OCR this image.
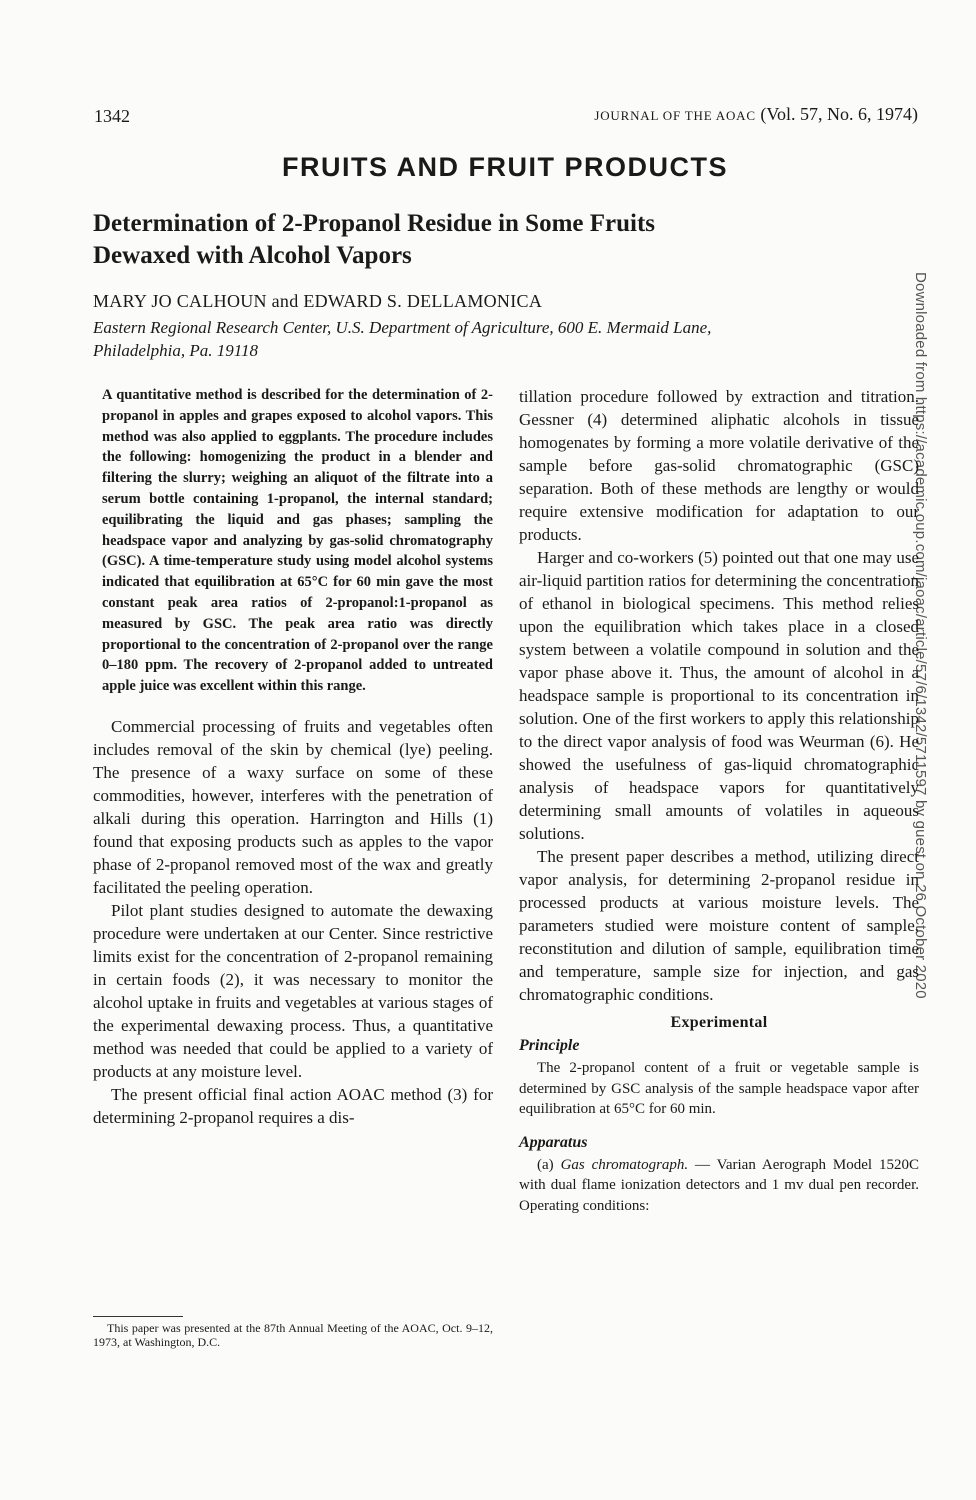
1342	JOURNAL OF THE AOAC (Vol. 57, No. 6, 1974)
FRUITS AND FRUIT PRODUCTS
Determination of 2-Propanol Residue in Some Fruits
Dewaxed with Alcohol Vapors
MARY JO CALHOUN and EDWARD S. DELLAMONICA
Eastern Regional Research Center, U.S. Department of Agriculture, 600 E. Mermaid Lane,
Philadelphia, Pa. 19118	Downloaded from https://academic.oup.com/jaoac/article/57/6/1342/5711597 by guest on 26 October 2020

A quantitative method is described for the determination of 2-propanol in apples and grapes exposed to alcohol vapors. This method was also applied to eggplants. The procedure includes the following: homogenizing the product in a blender and filtering the slurry; weighing an aliquot of the filtrate into a serum bottle containing 1-propanol, the internal standard; equilibrating the liquid and gas phases; sampling the headspace vapor and analyzing by gas-solid chromatography (GSC). A time-temperature study using model alcohol systems indicated that equilibration at 65°C for 60 min gave the most constant peak area ratios of 2-propanol:1-propanol as measured by GSC. The peak area ratio was directly proportional to the concentration of 2-propanol over the range 0–180 ppm. The recovery of 2-propanol added to untreated apple juice was excellent within this range.

Commercial processing of fruits and vegetables often includes removal of the skin by chemical (lye) peeling. The presence of a waxy surface on some of these commodities, however, interferes with the penetration of alkali during this operation. Harrington and Hills (1) found that exposing products such as apples to the vapor phase of 2-propanol removed most of the wax and greatly facilitated the peeling operation.

Pilot plant studies designed to automate the dewaxing procedure were undertaken at our Center. Since restrictive limits exist for the concentration of 2-propanol remaining in certain foods (2), it was necessary to monitor the alcohol uptake in fruits and vegetables at various stages of the experimental dewaxing process. Thus, a quantitative method was needed that could be applied to a variety of products at any moisture level.

The present official final action AOAC method (3) for determining 2-propanol requires a dis-

tillation procedure followed by extraction and titration. Gessner (4) determined aliphatic alcohols in tissue homogenates by forming a more volatile derivative of the sample before gas-solid chromatographic (GSC) separation. Both of these methods are lengthy or would require extensive modification for adaptation to our products.

Harger and co-workers (5) pointed out that one may use air-liquid partition ratios for determining the concentration of ethanol in biological specimens. This method relies upon the equilibration which takes place in a closed system between a volatile compound in solution and the vapor phase above it. Thus, the amount of alcohol in a headspace sample is proportional to its concentration in solution. One of the first workers to apply this relationship to the direct vapor analysis of food was Weurman (6). He showed the usefulness of gas-liquid chromatographic analysis of headspace vapors for quantitatively determining small amounts of volatiles in aqueous solutions.

The present paper describes a method, utilizing direct vapor analysis, for determining 2-propanol residue in processed products at various moisture levels. The parameters studied were moisture content of sample, reconstitution and dilution of sample, equilibration time and temperature, sample size for injection, and gas chromatographic conditions.

Experimental
Principle

The 2-propanol content of a fruit or vegetable sample is determined by GSC analysis of the sample headspace vapor after equilibration at 65°C for 60 min.

Apparatus

(a) Gas chromatograph. — Varian Aerograph Model 1520C with dual flame ionization detectors and 1 mv dual pen recorder. Operating conditions:

This paper was presented at the 87th Annual Meeting of the AOAC, Oct. 9–12, 1973, at Washington, D.C.
